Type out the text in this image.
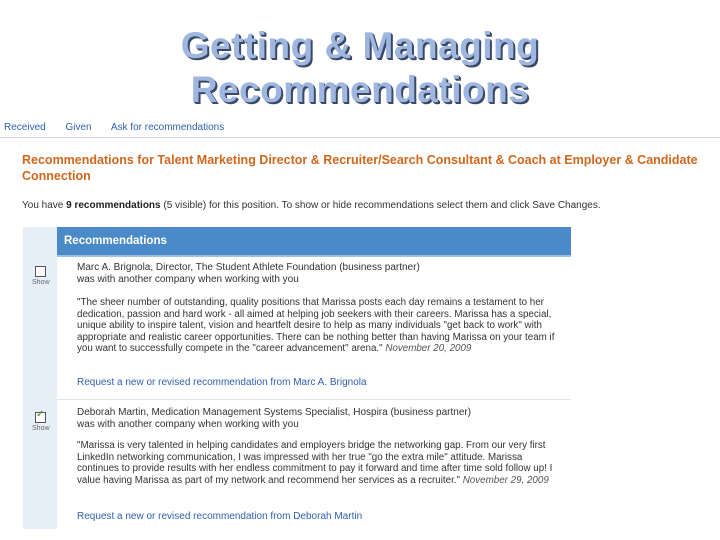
Getting & Managing
Recommendations
Received Given Ask for recommendations
Recommendations for Talent Marketing Director & Recruiter/Search Consultant & Coach at Employer & Candidate Connection
You have 9 recommendations (5 visible) for this position. To show or hide recommendations select them and click Save Changes.
Recommendations
Show
Marc A. Brignola, Director, The Student Athlete Foundation (business partner)
was with another company when working with you
"The sheer number of outstanding, quality positions that Marissa posts each day remains a testament to her dedication, passion and hard work - all aimed at helping job seekers with their careers. Marissa has a special, unique ability to inspire talent, vision and heartfelt desire to help as many individuals "get back to work" with appropriate and realistic career opportunities. There can be nothing better than having Marissa on your team if you want to successfully compete in the "career advancement" arena." November 20, 2009
Request a new or revised recommendation from Marc A. Brignola
✓
Show
Deborah Martin, Medication Management Systems Specialist, Hospira (business partner)
was with another company when working with you
"Marissa is very talented in helping candidates and employers bridge the networking gap. From our very first LinkedIn networking communication, I was impressed with her true "go the extra mile" attitude. Marissa continues to provide results with her endless commitment to pay it forward and time after time sold follow up! I value having Marissa as part of my network and recommend her services as a recruiter." November 29, 2009
Request a new or revised recommendation from Deborah Martin
